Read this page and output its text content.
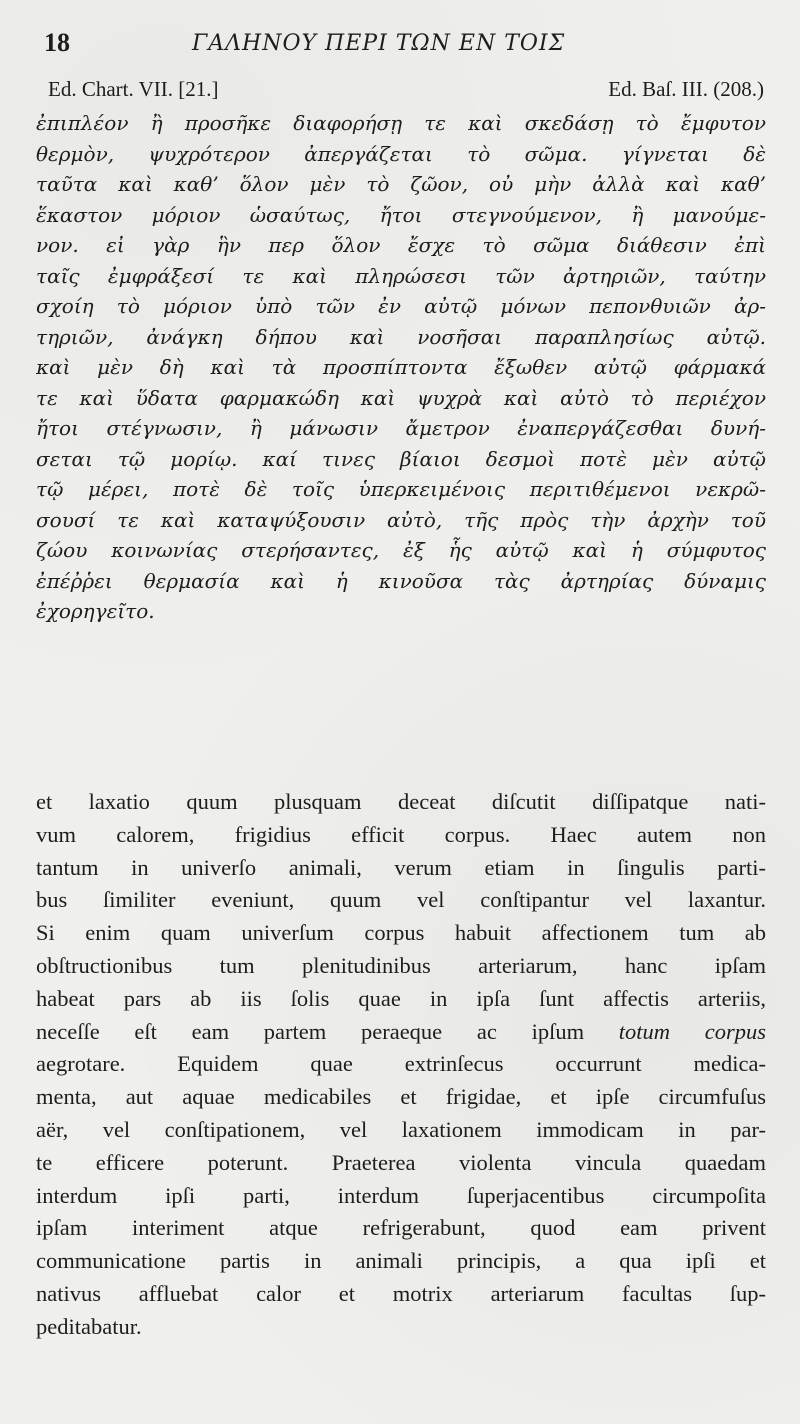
18	ΓΑΛΗΝΟΥ ΠΕΡΙ ΤΩΝ ΕΝ ΤΟΙΣ
Ed. Chart. VII. [21.]	Ed. Baſ. III. (208.)
ἐπιπλέον ἢ προσῆκε διαφορήσῃ τε καὶ σκεδάσῃ τὸ ἔμφυτον
θερμὸν, ψυχρότερον ἀπεργάζεται τὸ σῶμα. γίγνεται δὲ
ταῦτα καὶ καθ’ ὅλον μὲν τὸ ζῶον, οὐ μὴν ἀλλὰ καὶ καθ’
ἕκαστον μόριον ὡσαύτως, ἤτοι στεγνούμενον, ἢ μανούμε-
νον. εἰ γὰρ ἣν περ ὅλον ἔσχε τὸ σῶμα διάθεσιν ἐπὶ
ταῖς ἐμφράξεσί τε καὶ πληρώσεσι τῶν ἀρτηριῶν, ταύτην
σχοίη τὸ μόριον ὑπὸ τῶν ἐν αὐτῷ μόνων πεπονθυιῶν ἀρ-
τηριῶν, ἀνάγκη δήπου καὶ νοσῆσαι παραπλησίως αὐτῷ.
καὶ μὲν δὴ καὶ τὰ προσπίπτοντα ἔξωθεν αὐτῷ φάρμακά
τε καὶ ὕδατα φαρμακώδη καὶ ψυχρὰ καὶ αὐτὸ τὸ περιέχον
ἤτοι στέγνωσιν, ἢ μάνωσιν ἄμετρον ἐναπεργάζεσθαι δυνή-
σεται τῷ μορίῳ. καί τινες βίαιοι δεσμοὶ ποτὲ μὲν αὐτῷ
τῷ μέρει, ποτὲ δὲ τοῖς ὑπερκειμένοις περιτιθέμενοι νεκρῶ-
σουσί τε καὶ καταψύξουσιν αὐτὸ, τῆς πρὸς τὴν ἀρχὴν τοῦ
ζώου κοινωνίας στερήσαντες, ἐξ ἧς αὐτῷ καὶ ἡ σύμφυτος
ἐπέῤῥει θερμασία καὶ ἡ κινοῦσα τὰς ἀρτηρίας δύναμις
ἐχορηγεῖτο.
et laxatio quum plusquam deceat diſcutit diſſipatque nati-
vum calorem, frigidius efficit corpus. Haec autem non
tantum in univerſo animali, verum etiam in ſingulis parti-
bus ſimiliter eveniunt, quum vel conſtipantur vel laxantur.
Si enim quam univerſum corpus habuit affectionem tum ab
obſtructionibus tum plenitudinibus arteriarum, hanc ipſam
habeat pars ab iis ſolis quae in ipſa ſunt affectis arteriis,
neceſſe eſt eam partem peraeque ac ipſum totum corpus
aegrotare. Equidem quae extrinſecus occurrunt medica-
menta, aut aquae medicabiles et frigidae, et ipſe circumfuſus
aër, vel conſtipationem, vel laxationem immodicam in par-
te efficere poterunt. Praeterea violenta vincula quaedam
interdum ipſi parti, interdum ſuperjacentibus circumpoſita
ipſam interiment atque refrigerabunt, quod eam privent
communicatione partis in animali principis, a qua ipſi et
nativus affluebat calor et motrix arteriarum facultas ſup-
peditabatur.
